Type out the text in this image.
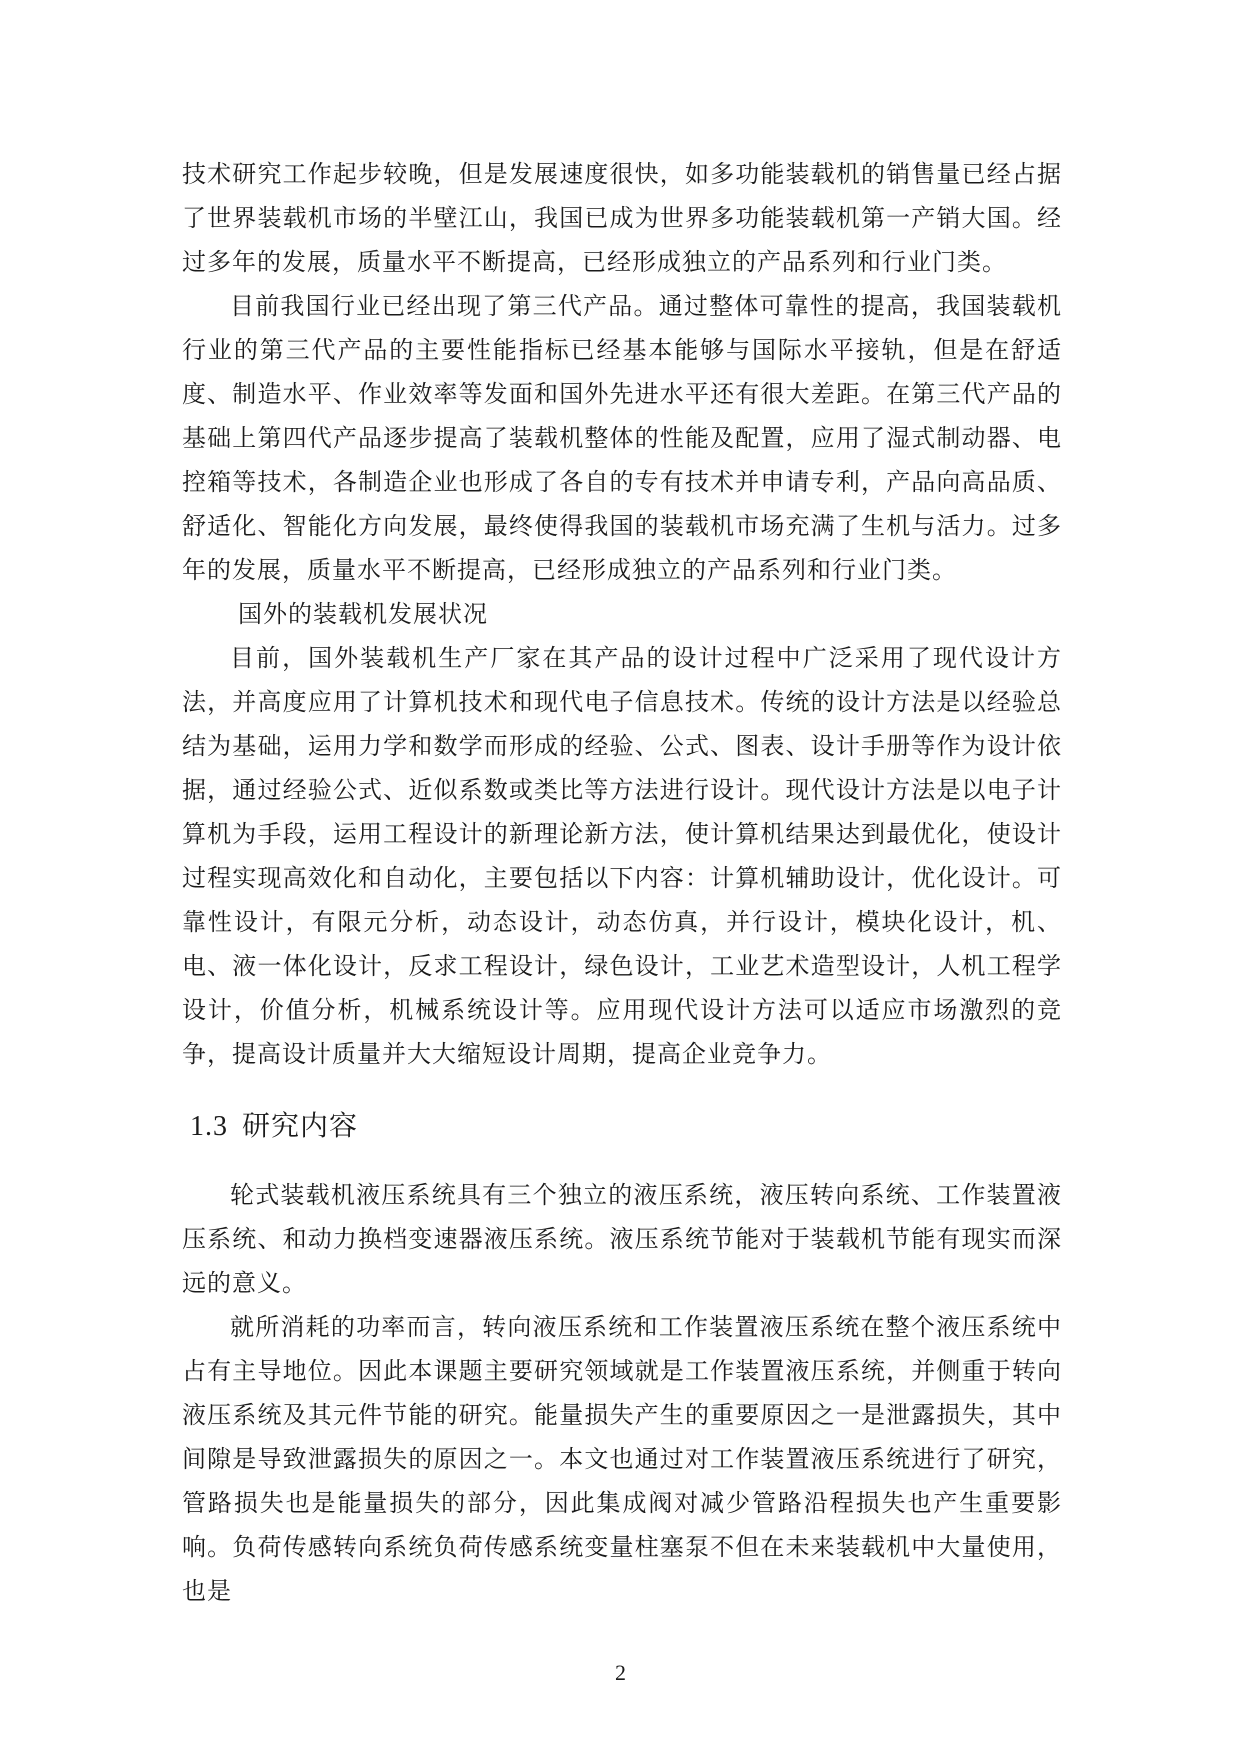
技术研究工作起步较晚，但是发展速度很快，如多功能装载机的销售量已经占据了世界装载机市场的半壁江山，我国已成为世界多功能装载机第一产销大国。经过多年的发展，质量水平不断提高，已经形成独立的产品系列和行业门类。

目前我国行业已经出现了第三代产品。通过整体可靠性的提高，我国装载机行业的第三代产品的主要性能指标已经基本能够与国际水平接轨，但是在舒适度、制造水平、作业效率等发面和国外先进水平还有很大差距。在第三代产品的基础上第四代产品逐步提高了装载机整体的性能及配置，应用了湿式制动器、电控箱等技术，各制造企业也形成了各自的专有技术并申请专利，产品向高品质、舒适化、智能化方向发展，最终使得我国的装载机市场充满了生机与活力。过多年的发展，质量水平不断提高，已经形成独立的产品系列和行业门类。

国外的装载机发展状况

目前，国外装载机生产厂家在其产品的设计过程中广泛采用了现代设计方法，并高度应用了计算机技术和现代电子信息技术。传统的设计方法是以经验总结为基础，运用力学和数学而形成的经验、公式、图表、设计手册等作为设计依据，通过经验公式、近似系数或类比等方法进行设计。现代设计方法是以电子计算机为手段，运用工程设计的新理论新方法，使计算机结果达到最优化，使设计过程实现高效化和自动化，主要包括以下内容：计算机辅助设计，优化设计。可靠性设计，有限元分析，动态设计，动态仿真，并行设计，模块化设计，机、电、液一体化设计，反求工程设计，绿色设计，工业艺术造型设计，人机工程学设计，价值分析，机械系统设计等。应用现代设计方法可以适应市场激烈的竞争，提高设计质量并大大缩短设计周期，提高企业竞争力。

1.3 研究内容

轮式装载机液压系统具有三个独立的液压系统，液压转向系统、工作装置液压系统、和动力换档变速器液压系统。液压系统节能对于装载机节能有现实而深远的意义。

就所消耗的功率而言，转向液压系统和工作装置液压系统在整个液压系统中占有主导地位。因此本课题主要研究领域就是工作装置液压系统，并侧重于转向液压系统及其元件节能的研究。能量损失产生的重要原因之一是泄露损失，其中间隙是导致泄露损失的原因之一。本文也通过对工作装置液压系统进行了研究，管路损失也是能量损失的部分，因此集成阀对减少管路沿程损失也产生重要影响。负荷传感转向系统负荷传感系统变量柱塞泵不但在未来装载机中大量使用，也是

2
